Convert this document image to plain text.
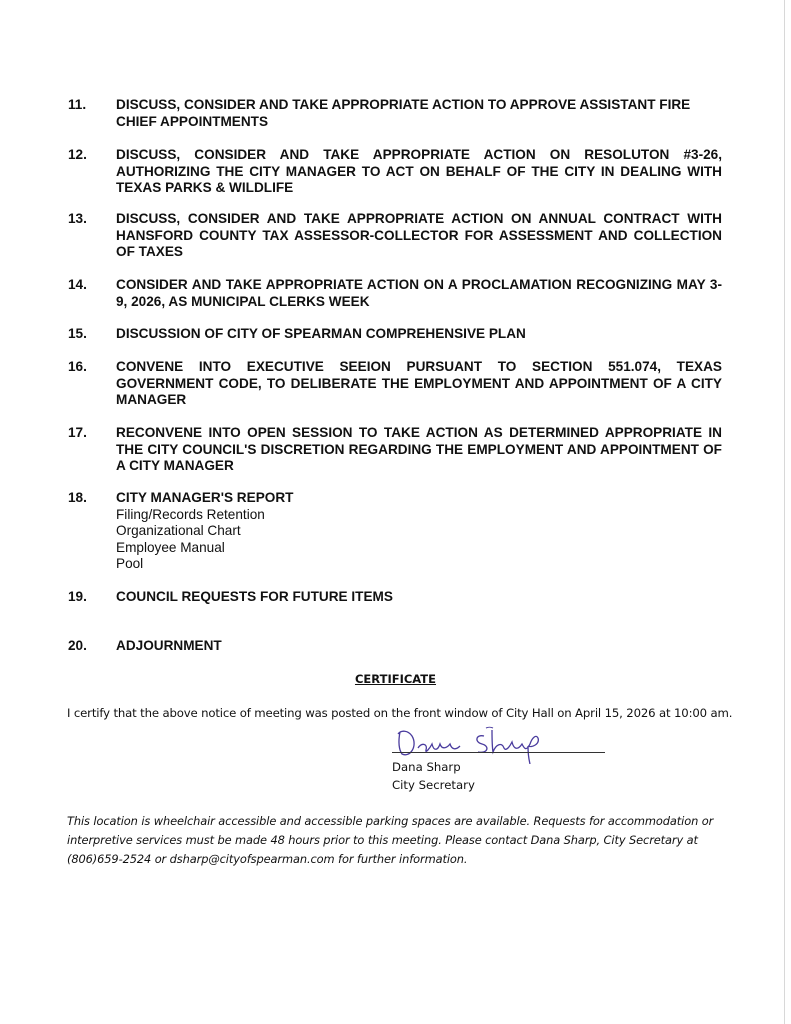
11.	DISCUSS, CONSIDER AND TAKE APPROPRIATE ACTION TO APPROVE ASSISTANT FIRE CHIEF APPOINTMENTS
12.	DISCUSS, CONSIDER AND TAKE APPROPRIATE ACTION ON RESOLUTON #3-26, AUTHORIZING THE CITY MANAGER TO ACT ON BEHALF OF THE CITY IN DEALING WITH TEXAS PARKS & WILDLIFE
13.	DISCUSS, CONSIDER AND TAKE APPROPRIATE ACTION ON ANNUAL CONTRACT WITH HANSFORD COUNTY TAX ASSESSOR-COLLECTOR FOR ASSESSMENT AND COLLECTION OF TAXES
14.	CONSIDER AND TAKE APPROPRIATE ACTION ON A PROCLAMATION RECOGNIZING MAY 3-9, 2026, AS MUNICIPAL CLERKS WEEK
15.	DISCUSSION OF CITY OF SPEARMAN COMPREHENSIVE PLAN
16.	CONVENE INTO EXECUTIVE SEEION PURSUANT TO SECTION 551.074, TEXAS GOVERNMENT CODE, TO DELIBERATE THE EMPLOYMENT AND APPOINTMENT OF A CITY MANAGER
17.	RECONVENE INTO OPEN SESSION TO TAKE ACTION AS DETERMINED APPROPRIATE IN THE CITY COUNCIL'S DISCRETION REGARDING THE EMPLOYMENT AND APPOINTMENT OF A CITY MANAGER
18.	CITY MANAGER'S REPORT
Filing/Records Retention
Organizational Chart
Employee Manual
Pool
19.	COUNCIL REQUESTS FOR FUTURE ITEMS
20.	ADJOURNMENT
CERTIFICATE
I certify that the above notice of meeting was posted on the front window of City Hall on April 15, 2026 at 10:00 am.
Dana Sharp
City Secretary
This location is wheelchair accessible and accessible parking spaces are available. Requests for accommodation or interpretive services must be made 48 hours prior to this meeting. Please contact Dana Sharp, City Secretary at (806)659-2524 or dsharp@cityofspearman.com for further information.
